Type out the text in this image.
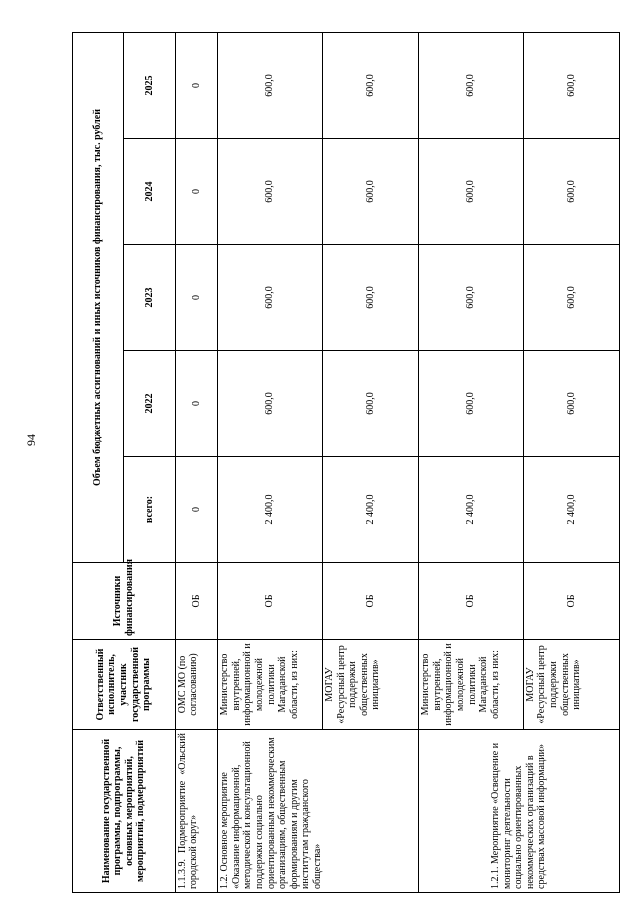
94
Наименование государственной программы, подпрограммы, основных мероприятий, мероприятий, подмероприятий	Ответственный исполнитель, участник государственной программы	Источники финансирования	Объем бюджетных ассигнований и иных источников финансирования, тыс. рублей				
			всего:	2022	2023	2024	2025
1.1.3.9. Подмероприятие «Ольский городской округ»	ОМС МО (по согласованию)	ОБ	0	0	0	0	0
1.2. Основное мероприятие «Оказание информационной, методической и консультационной поддержки социально ориентированным некоммерческим организациям, общественным формированиям и другим институтам гражданского общества»	Министерство внутренней, информационной и молодежной политики Магаданской области, из них:	ОБ	2 400,0	600,0	600,0	600,0	600,0
	МОГАУ «Ресурсный центр поддержки общественных инициатив»	ОБ	2 400,0	600,0	600,0	600,0	600,0
1.2.1. Мероприятие «Освещение и мониторинг деятельности социально ориентированных некоммерческих организаций в средствах массовой информации»	Министерство внутренней, информационной и молодежной политики Магаданской области, из них:	ОБ	2 400,0	600,0	600,0	600,0	600,0
	МОГАУ «Ресурсный центр поддержки общественных инициатив»	ОБ	2 400,0	600,0	600,0	600,0	600,0
